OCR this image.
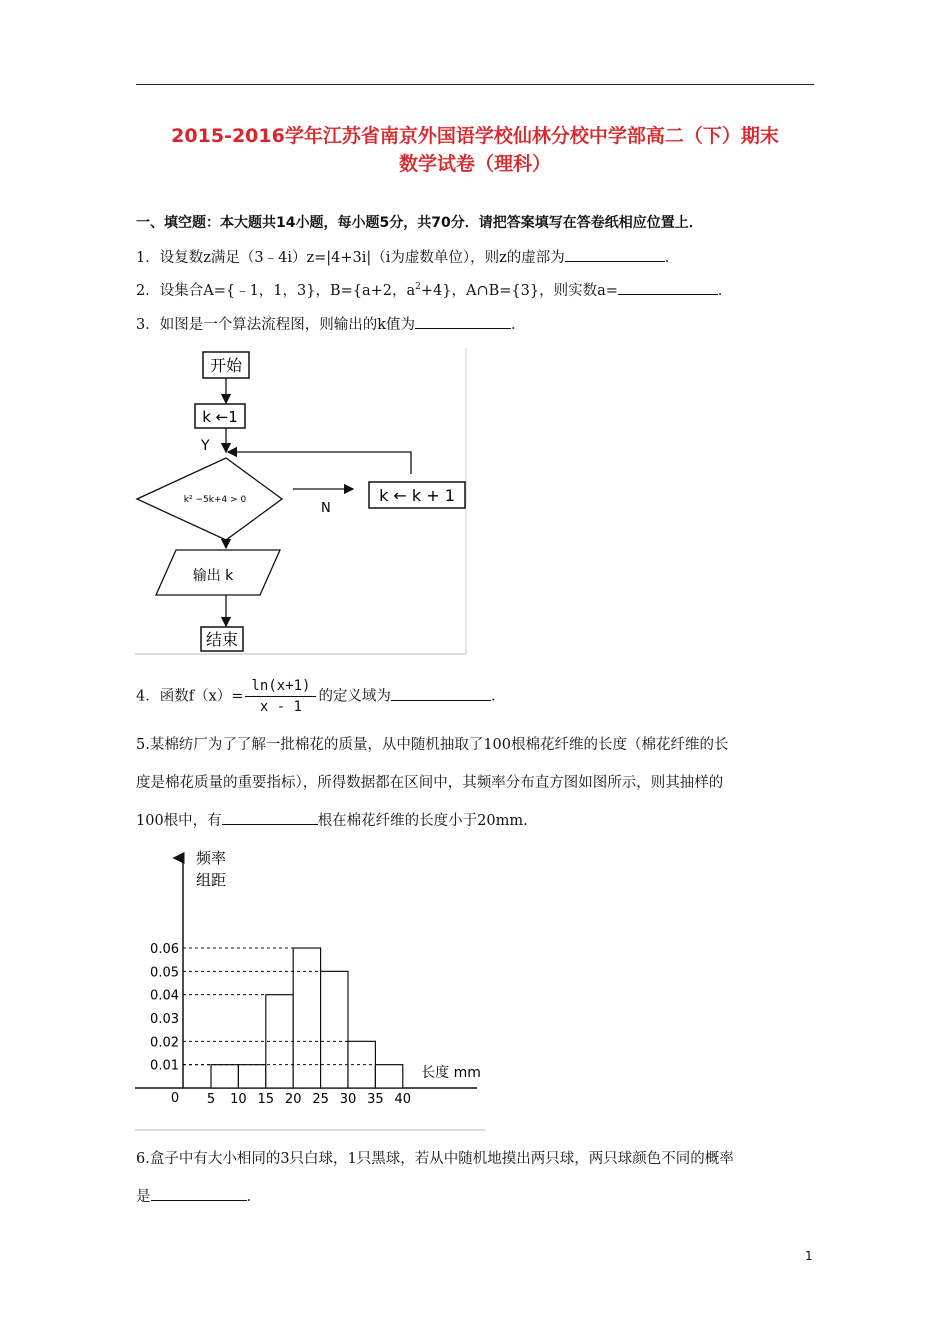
2015-2016学年江苏省南京外国语学校仙林分校中学部高二（下）期末
数学试卷（理科）
一、填空题：本大题共14小题，每小题5分，共70分．请把答案填写在答卷纸相应位置上．
1．设复数z满足（3﹣4i）z=|4+3i|（i为虚数单位），则z的虚部为	．
2．设集合A={﹣1，1，3}，B={a+2，$a^2+4$}，A∩B={3}，则实数a=	．
3．如图是一个算法流程图，则输出的k值为	．
开始
k ←1
Y
k² −5k+4 > 0
N
k ← k + 1
输出 k
结束
4．函数$f(x)= \frac{\ln(x+1)}{x - 1}$ 的定义域为	．
5.某棉纺厂为了了解一批棉花的质量，从中随机抽取了100根棉花纤维的长度（棉花纤维的长
度是棉花质量的重要指标），所得数据都在区间中，其频率分布直方图如图所示，则其抽样的
100根中，有	根在棉花纤维的长度小于20mm.
频率
组距
长度 mm
0
0.06
0.05
0.04
0.03
0.02
0.01
5 10 15 20 25 30 35 40
6.盒子中有大小相同的3只白球，1只黑球，若从中随机地摸出两只球，两只球颜色不同的概率
是	．
1
